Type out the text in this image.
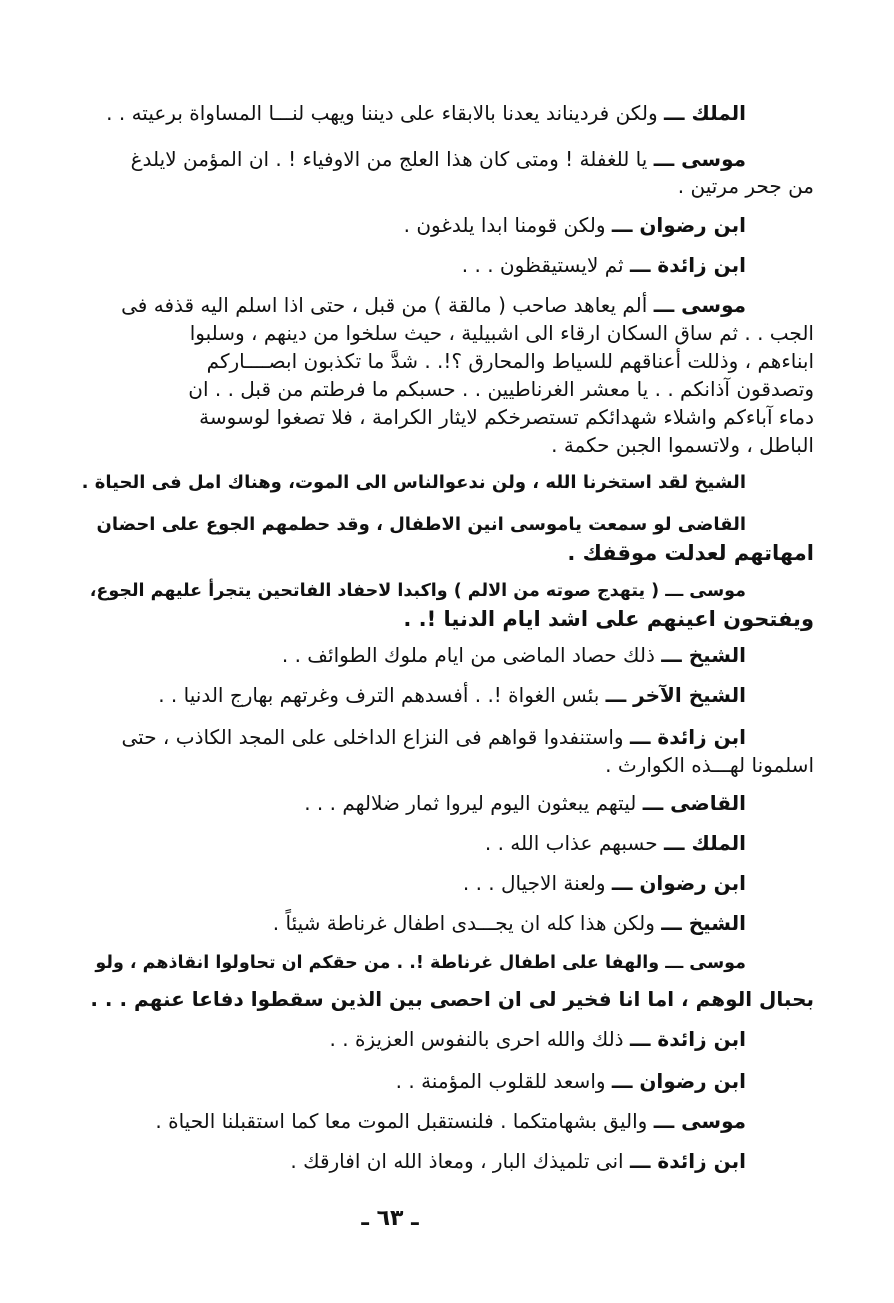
الملك ـــ ولكن فرديناند يعدنا بالابقاء على ديننا ويهب لنـــا المساواة برعيته . .
موسى ـــ يا للغفلة ! ومتى كان هذا العلج من الاوفياء ! . ان المؤمن لايلدغ
من جحر مرتين .
ابن رضوان ـــ ولكن قومنا ابدا يلدغون .
ابن زائدة ـــ ثم لايستيقظون . . .
موسى ـــ ألم يعاهد صاحب ( مالقة ) من قبل ، حتى اذا اسلم اليه قذفه فى
الجب . . ثم ساق السكان ارقاء الى اشبيلية ، حيث سلخوا من دينهم ، وسلبوا
ابناءهم ، وذللت أعناقهم للسياط والمحارق ؟!. . شدَّ ما تكذبون ابصــــاركم
وتصدقون آذانكم . . يا معشر الغرناطيين . . حسبكم ما فرطتم من قبل . . ان
دماء آباءكم واشلاء شهدائكم تستصرخكم لايثار الكرامة ، فلا تصغوا لوسوسة
الباطل ، ولاتسموا الجبن حكمة .
الشيخ لقد استخرنا الله ، ولن ندعوالناس الى الموت، وهناك امل فى الحياة .
القاضى لو سمعت ياموسى انين الاطفال ، وقد حطمهم الجوع على احضان
امهاتهم لعدلت موقفك .
موسى ـــ ( يتهدج صوته من الالم ) واكبدا لاحفاد الفاتحين يتجرأ عليهم الجوع،
ويفتحون اعينهم على اشد ايام الدنيا !. .
الشيخ ـــ ذلك حصاد الماضى من ايام ملوك الطوائف . .
الشيخ الآخر ـــ بئس الغواة !. . أفسدهم الترف وغرتهم بهارج الدنيا . .
ابن زائدة ـــ واستنفدوا قواهم فى النزاع الداخلى على المجد الكاذب ، حتى
اسلمونا لهـــذه الكوارث .
القاضى ـــ ليتهم يبعثون اليوم ليروا ثمار ضلالهم . . .
الملك ـــ حسبهم عذاب الله . .
ابن رضوان ـــ ولعنة الاجيال . . .
الشيخ ـــ ولكن هذا كله ان يجـــدى اطفال غرناطة شيئاً .
موسى ـــ والهفا على اطفال غرناطة !. . من حقكم ان تحاولوا انقاذهم ، ولو
بحبال الوهم ، اما انا فخير لى ان احصى بين الذين سقطوا دفاعا عنهم . . .
ابن زائدة ـــ ذلك والله احرى بالنفوس العزيزة . .
ابن رضوان ـــ واسعد للقلوب المؤمنة . .
موسى ـــ واليق بشهامتكما . فلنستقبل الموت معا كما استقبلنا الحياة .
ابن زائدة ـــ انى تلميذك البار ، ومعاذ الله ان افارقك .
ـ ٦٣ ـ
